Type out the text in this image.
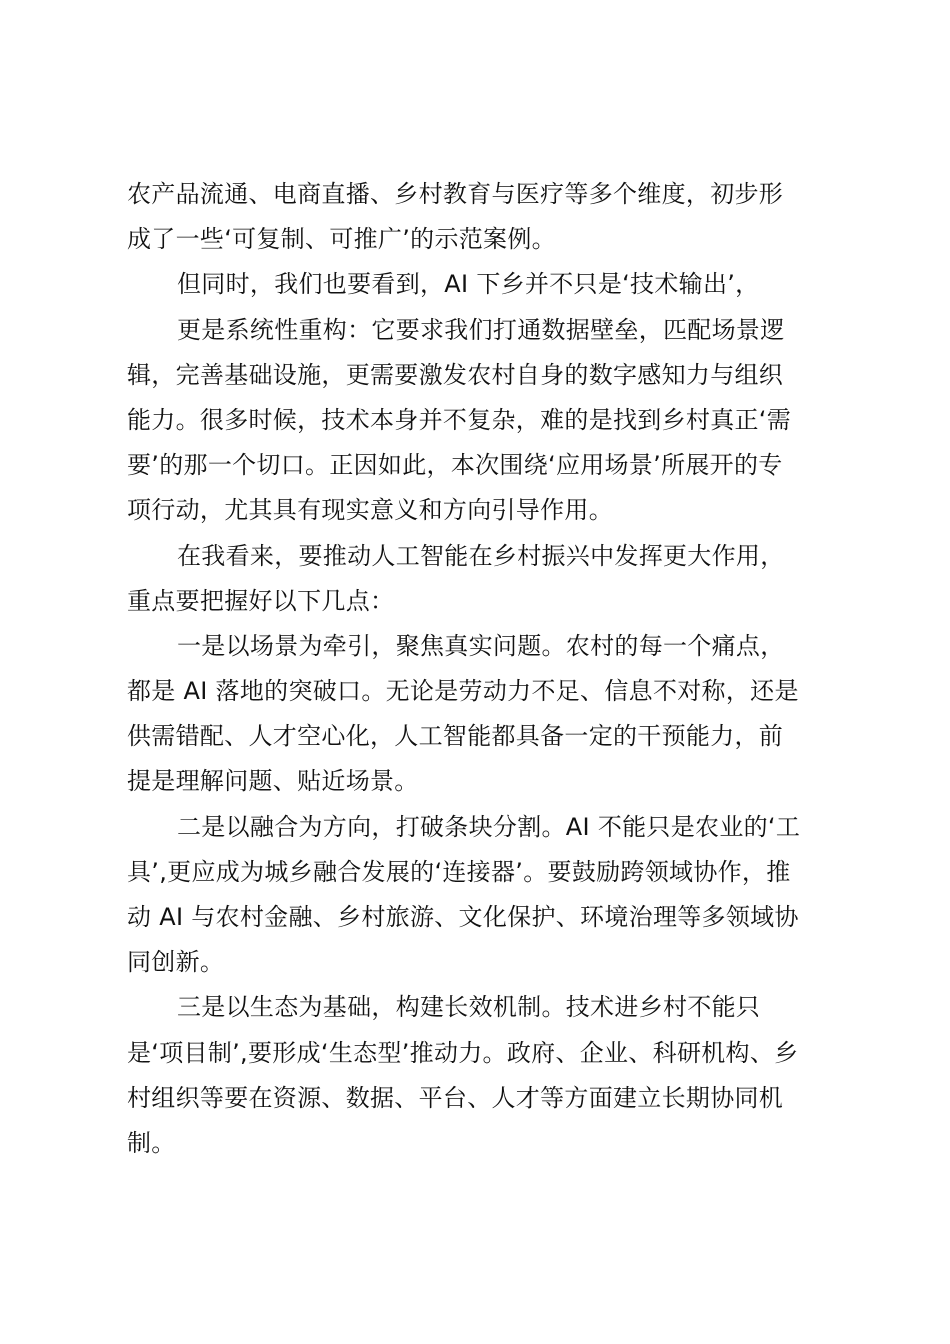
农产品流通、电商直播、乡村教育与医疗等多个维度，初步形
成了一些‘可复制、可推广’的示范案例。
但同时，我们也要看到，AI 下乡并不只是‘技术输出’，
更是系统性重构：它要求我们打通数据壁垒，匹配场景逻
辑，完善基础设施，更需要激发农村自身的数字感知力与组织
能力。很多时候，技术本身并不复杂，难的是找到乡村真正‘需
要’的那一个切口。正因如此，本次围绕‘应用场景’所展开的专
项行动，尤其具有现实意义和方向引导作用。
在我看来，要推动人工智能在乡村振兴中发挥更大作用，
重点要把握好以下几点：
一是以场景为牵引，聚焦真实问题。农村的每一个痛点，
都是 AI 落地的突破口。无论是劳动力不足、信息不对称，还是
供需错配、人才空心化，人工智能都具备一定的干预能力，前
提是理解问题、贴近场景。
二是以融合为方向，打破条块分割。AI 不能只是农业的‘工
具’,更应成为城乡融合发展的‘连接器’。要鼓励跨领域协作，推
动 AI 与农村金融、乡村旅游、文化保护、环境治理等多领域协
同创新。
三是以生态为基础，构建长效机制。技术进乡村不能只
是‘项目制’,要形成‘生态型’推动力。政府、企业、科研机构、乡
村组织等要在资源、数据、平台、人才等方面建立长期协同机
制。
